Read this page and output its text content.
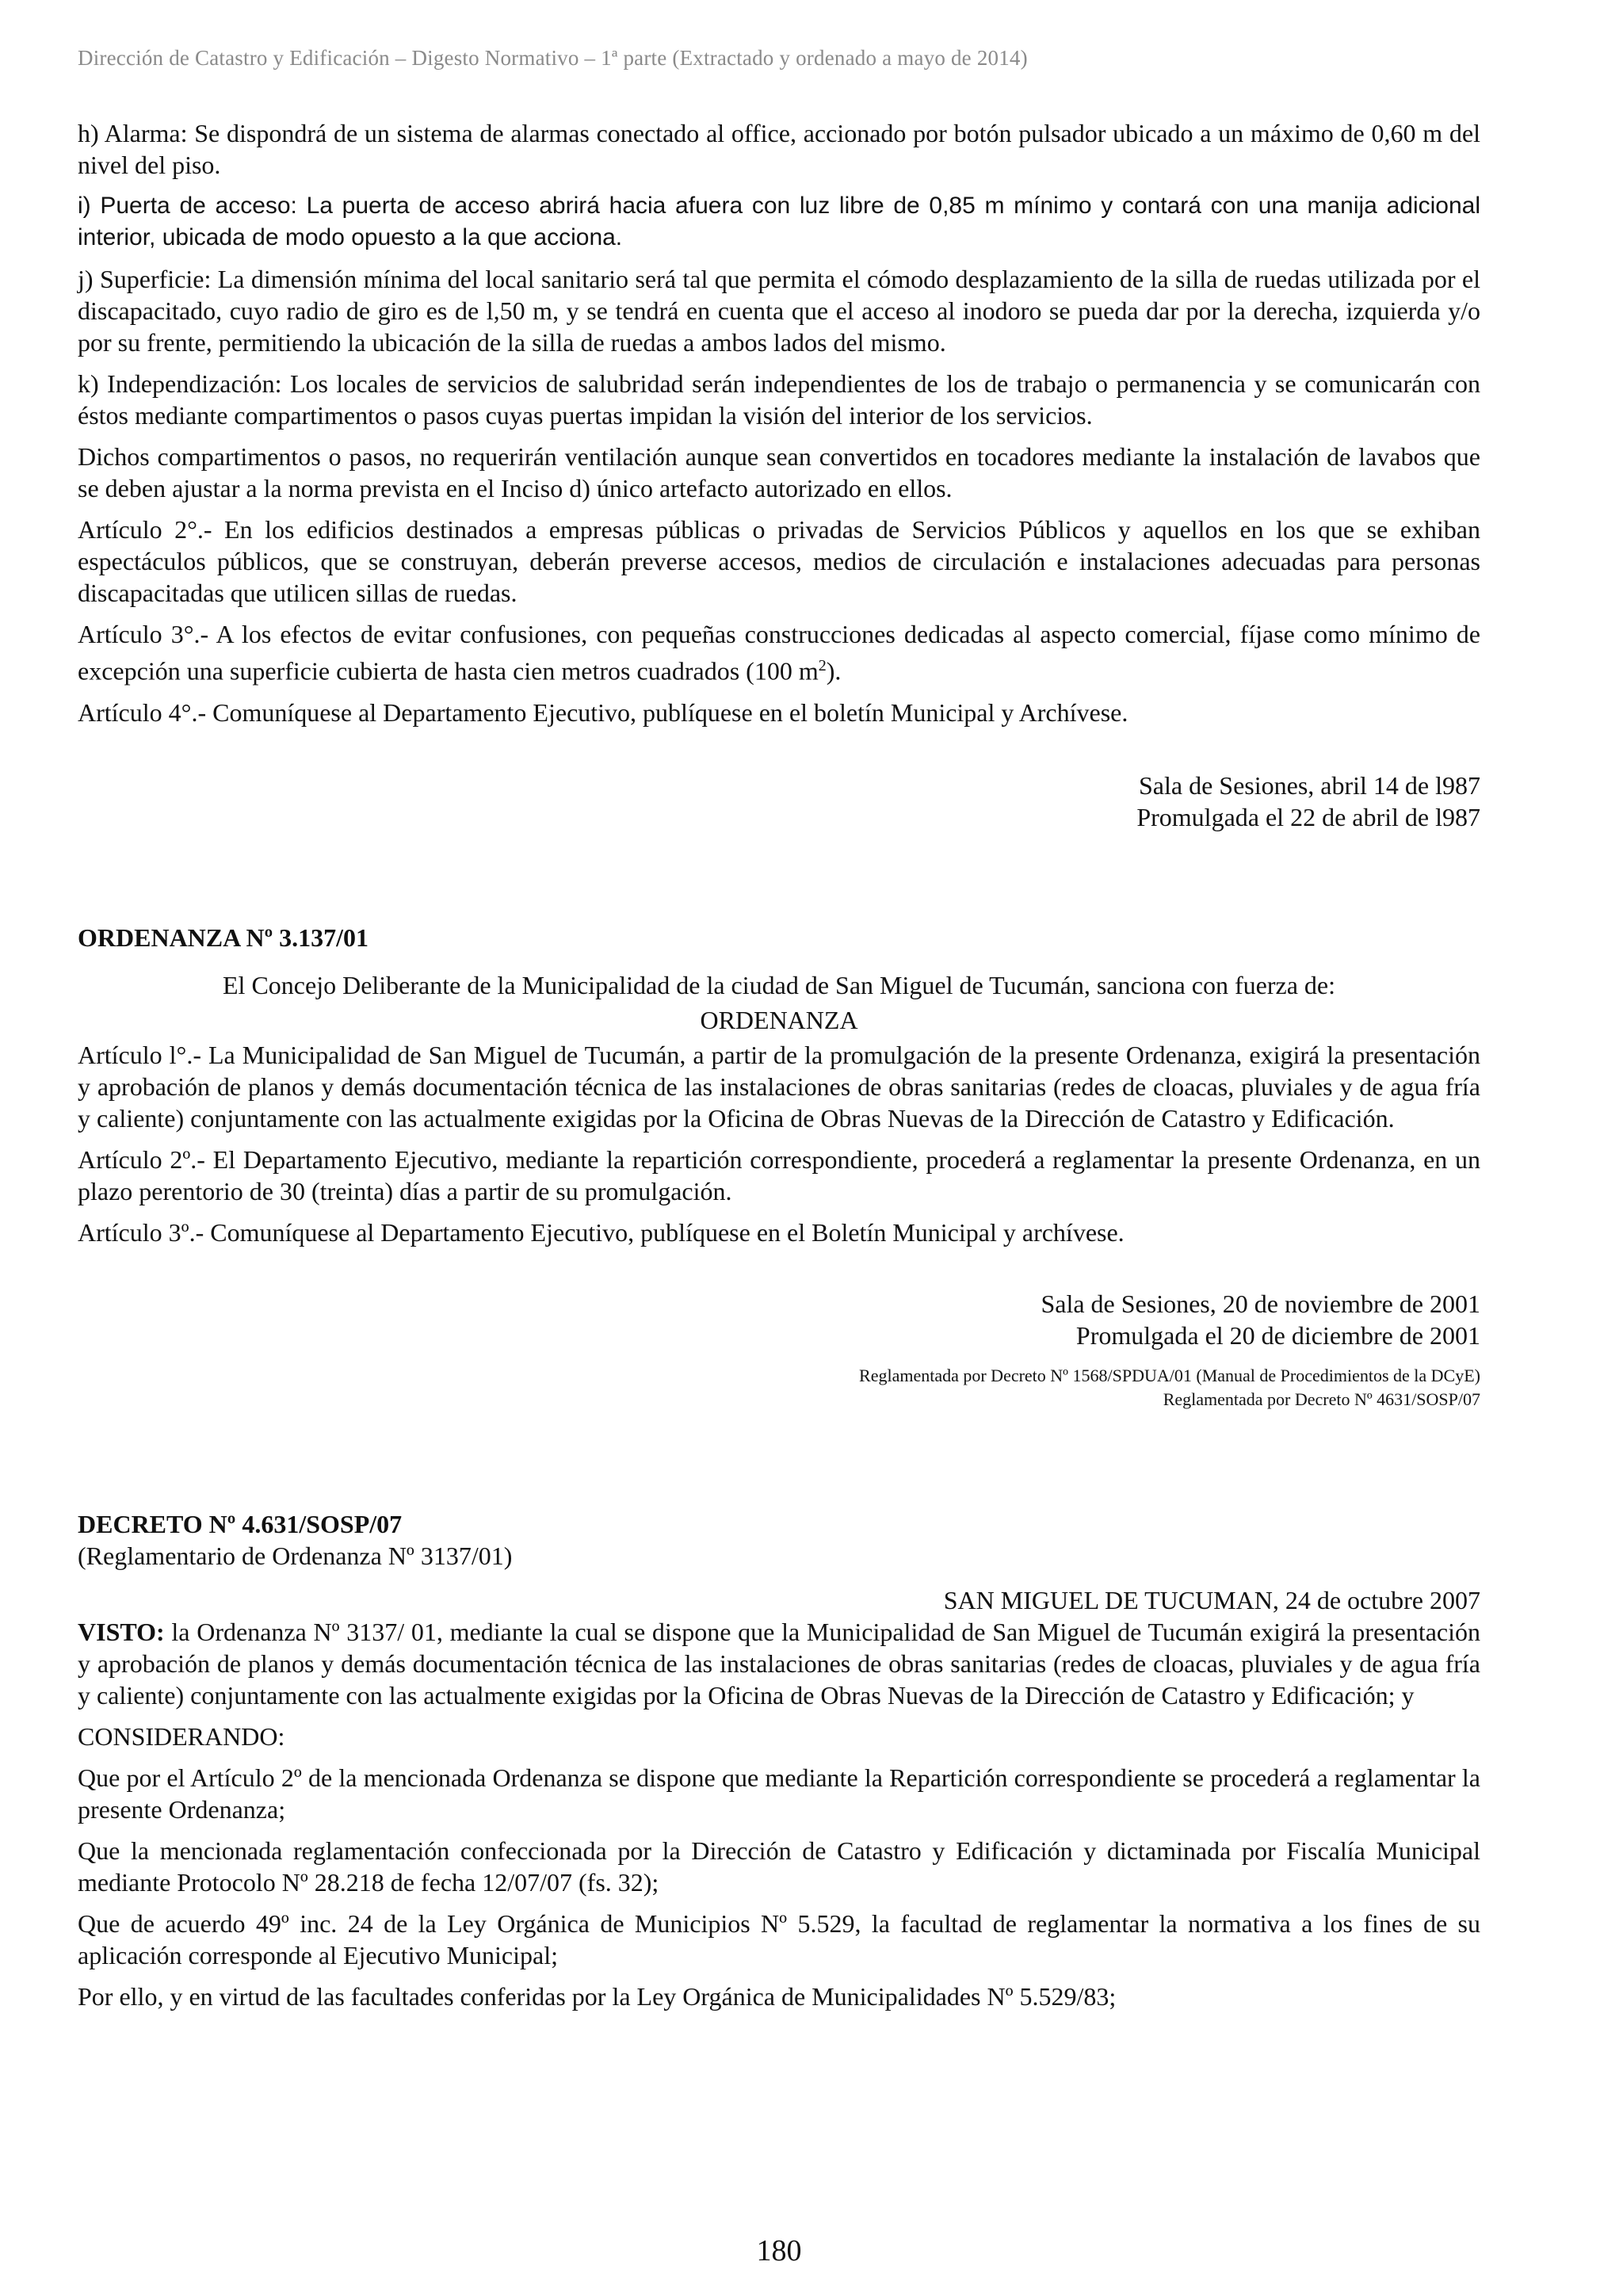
Dirección de Catastro y Edificación – Digesto Normativo – 1ª parte (Extractado y ordenado a mayo de 2014)

h) Alarma: Se dispondrá de un sistema de alarmas conectado al office, accionado por botón pulsador ubicado a un máximo de 0,60 m del nivel del piso.

i) Puerta de acceso: La puerta de acceso abrirá hacia afuera con luz libre de 0,85 m mínimo y contará con una manija adicional interior, ubicada de modo opuesto a la que acciona.

j) Superficie: La dimensión mínima del local sanitario será tal que permita el cómodo desplazamiento de la silla de ruedas utilizada por el discapacitado, cuyo radio de giro es de l,50 m, y se tendrá en cuenta que el acceso al inodoro se pueda dar por la derecha, izquierda y/o por su frente, permitiendo la ubicación de la silla de ruedas a ambos lados del mismo.

k) Independización: Los locales de servicios de salubridad serán independientes de los de trabajo o permanencia y se comunicarán con éstos mediante compartimentos o pasos cuyas puertas impidan la visión del interior de los servicios.

Dichos compartimentos o pasos, no requerirán ventilación aunque sean convertidos en tocadores mediante la instalación de lavabos que se deben ajustar a la norma prevista en el Inciso d) único artefacto autorizado en ellos.

Artículo 2°.- En los edificios destinados a empresas públicas o privadas de Servicios Públicos y aquellos en los que se exhiban espectáculos públicos, que se construyan, deberán preverse accesos, medios de circulación e instalaciones adecuadas para personas discapacitadas que utilicen sillas de ruedas.

Artículo 3°.- A los efectos de evitar confusiones, con pequeñas construcciones dedicadas al aspecto comercial, fíjase como mínimo de excepción una superficie cubierta de hasta cien metros cuadrados (100 $m^2$).

Artículo 4°.- Comuníquese al Departamento Ejecutivo, publíquese en el boletín Municipal y Archívese.

Sala de Sesiones, abril 14 de l987
Promulgada el 22 de abril de l987
ORDENANZA Nº 3.137/01

El Concejo Deliberante de la Municipalidad de la ciudad de San Miguel de Tucumán, sanciona con fuerza de:

ORDENANZA

Artículo l°.- La Municipalidad de San Miguel de Tucumán, a partir de la promulgación de la presente Ordenanza, exigirá la presentación y aprobación de planos y demás documentación técnica de las instalaciones de obras sanitarias (redes de cloacas, pluviales y de agua fría y caliente) conjuntamente con las actualmente exigidas por la Oficina de Obras Nuevas de la Dirección de Catastro y Edificación.

Artículo 2º.- El Departamento Ejecutivo, mediante la repartición correspondiente, procederá a reglamentar la presente Ordenanza, en un plazo perentorio de 30 (treinta) días a partir de su promulgación.

Artículo 3º.- Comuníquese al Departamento Ejecutivo, publíquese en el Boletín Municipal y archívese.

Sala de Sesiones, 20 de noviembre de 2001
Promulgada el 20 de diciembre de 2001
Reglamentada por Decreto Nº 1568/SPDUA/01 (Manual de Procedimientos de la DCyE)
Reglamentada por Decreto Nº 4631/SOSP/07
DECRETO Nº 4.631/SOSP/07
(Reglamentario de Ordenanza Nº 3137/01)
SAN MIGUEL DE TUCUMAN, 24 de octubre 2007

VISTO: la Ordenanza Nº 3137/ 01, mediante la cual se dispone que la Municipalidad de San Miguel de Tucumán exigirá la presentación y aprobación de planos y demás documentación técnica de las instalaciones de obras sanitarias (redes de cloacas, pluviales y de agua fría y caliente) conjuntamente con las actualmente exigidas por la Oficina de Obras Nuevas de la Dirección de Catastro y Edificación; y

CONSIDERANDO:

Que por el Artículo 2º de la mencionada Ordenanza se dispone que mediante la Repartición correspondiente se procederá a reglamentar la presente Ordenanza;

Que la mencionada reglamentación confeccionada por la Dirección de Catastro y Edificación y dictaminada por Fiscalía Municipal mediante Protocolo Nº 28.218 de fecha 12/07/07 (fs. 32);

Que de acuerdo 49º inc. 24 de la Ley Orgánica de Municipios Nº 5.529, la facultad de reglamentar la normativa a los fines de su aplicación corresponde al Ejecutivo Municipal;

Por ello, y en virtud de las facultades conferidas por la Ley Orgánica de Municipalidades Nº 5.529/83;

180
